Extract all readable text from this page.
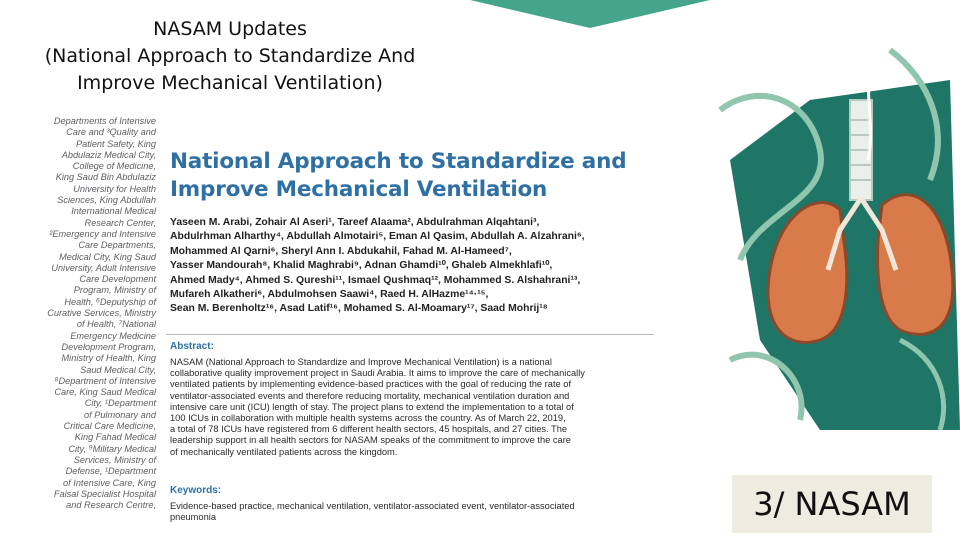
NASAM Updates
(National Approach to Standardize And
Improve Mechanical Ventilation)
Departments of Intensive
Care and ³Quality and
Patient Safety, King
Abdulaziz Medical City,
College of Medicine,
King Saud Bin Abdulaziz
University for Health
Sciences, King Abdullah
International Medical
Research Center,
²Emergency and Intensive
Care Departments,
Medical City, King Saud
University, Adult Intensive
Care Development
Program, Ministry of
Health, ⁶Deputyship of
Curative Services, Ministry
of Health, ⁷National
Emergency Medicine
Development Program,
Ministry of Health, King
Saud Medical City,
⁸Department of Intensive
Care, King Saud Medical
City, ¹Department
of Pulmonary and
Critical Care Medicine,
King Fahad Medical
City, ⁹Military Medical
Services, Ministry of
Defense, ¹Department
of Intensive Care, King
Faisal Specialist Hospital
and Research Centre,
National Approach to Standardize and
Improve Mechanical Ventilation
Yaseen M. Arabi, Zohair Al Aseri¹, Tareef Alaama², Abdulrahman Alqahtani³,
Abdulrhman Alharthy⁴, Abdullah Almotairi⁵, Eman Al Qasim, Abdullah A. Alzahrani⁶,
Mohammed Al Qarni⁶, Sheryl Ann I. Abdukahil, Fahad M. Al-Hameed⁷,
Yasser Mandourah⁸, Khalid Maghrabi⁹, Adnan Ghamdi¹⁰, Ghaleb Almekhlafi¹⁰,
Ahmed Mady⁴, Ahmed S. Qureshi¹¹, Ismael Qushmaq¹², Mohammed S. Alshahrani¹³,
Mufareh Alkatheri⁶, Abdulmohsen Saawi⁴, Raed H. AlHazme¹⁴·¹⁵,
Sean M. Berenholtz¹⁶, Asad Latif¹⁶, Mohamed S. Al-Moamary¹⁷, Saad Mohrij¹⁸
Abstract:
NASAM (National Approach to Standardize and Improve Mechanical Ventilation) is a national
collaborative quality improvement project in Saudi Arabia. It aims to improve the care of mechanically
ventilated patients by implementing evidence-based practices with the goal of reducing the rate of
ventilator-associated events and therefore reducing mortality, mechanical ventilation duration and
intensive care unit (ICU) length of stay. The project plans to extend the implementation to a total of
100 ICUs in collaboration with multiple health systems across the country. As of March 22, 2019,
a total of 78 ICUs have registered from 6 different health sectors, 45 hospitals, and 27 cities. The
leadership support in all health sectors for NASAM speaks of the commitment to improve the care
of mechanically ventilated patients across the kingdom.
Keywords:
Evidence-based practice, mechanical ventilation, ventilator-associated event, ventilator-associated
pneumonia	3/ NASAM
